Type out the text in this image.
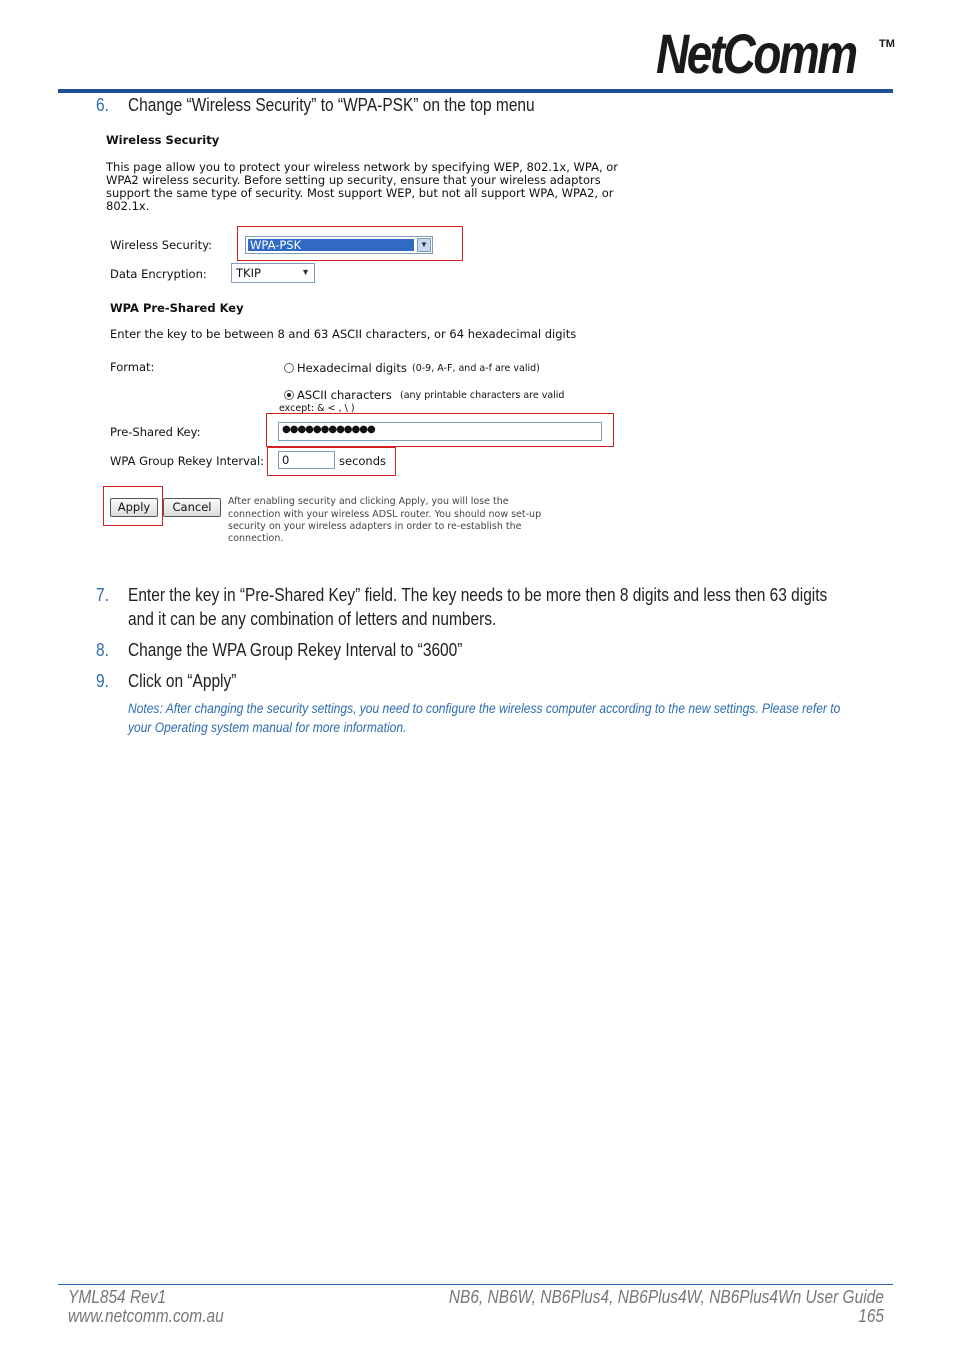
NetComm TM
6. Change “Wireless Security” to “WPA-PSK” on the top menu
Wireless Security
This page allow you to protect your wireless network by specifying WEP, 802.1x, WPA, or
WPA2 wireless security. Before setting up security, ensure that your wireless adaptors
support the same type of security. Most support WEP, but not all support WPA, WPA2, or
802.1x.
Wireless Security:	WPA-PSK	▼
Data Encryption:	TKIP	▼
WPA Pre-Shared Key
Enter the key to be between 8 and 63 ASCII characters, or 64 hexadecimal digits
Format:	Hexadecimal digits (0-9, A-F, and a-f are valid)
ASCII characters (any printable characters are valid
except: & < , \ )
Pre-Shared Key:	●●●●●●●●●●●●
WPA Group Rekey Interval: 0	seconds
Apply	Cancel	After enabling security and clicking Apply, you will lose the
connection with your wireless ADSL router. You should now set-up
security on your wireless adapters in order to re-establish the
connection.
7. Enter the key in “Pre-Shared Key” field. The key needs to be more then 8 digits and less then 63 digits
and it can be any combination of letters and numbers.
8. Change the WPA Group Rekey Interval to “3600”
9. Click on “Apply”
Notes: After changing the security settings, you need to configure the wireless computer according to the new settings. Please refer to
your Operating system manual for more information.
YML854 Rev1
www.netcomm.com.au
NB6, NB6W, NB6Plus4, NB6Plus4W, NB6Plus4Wn User Guide
165
